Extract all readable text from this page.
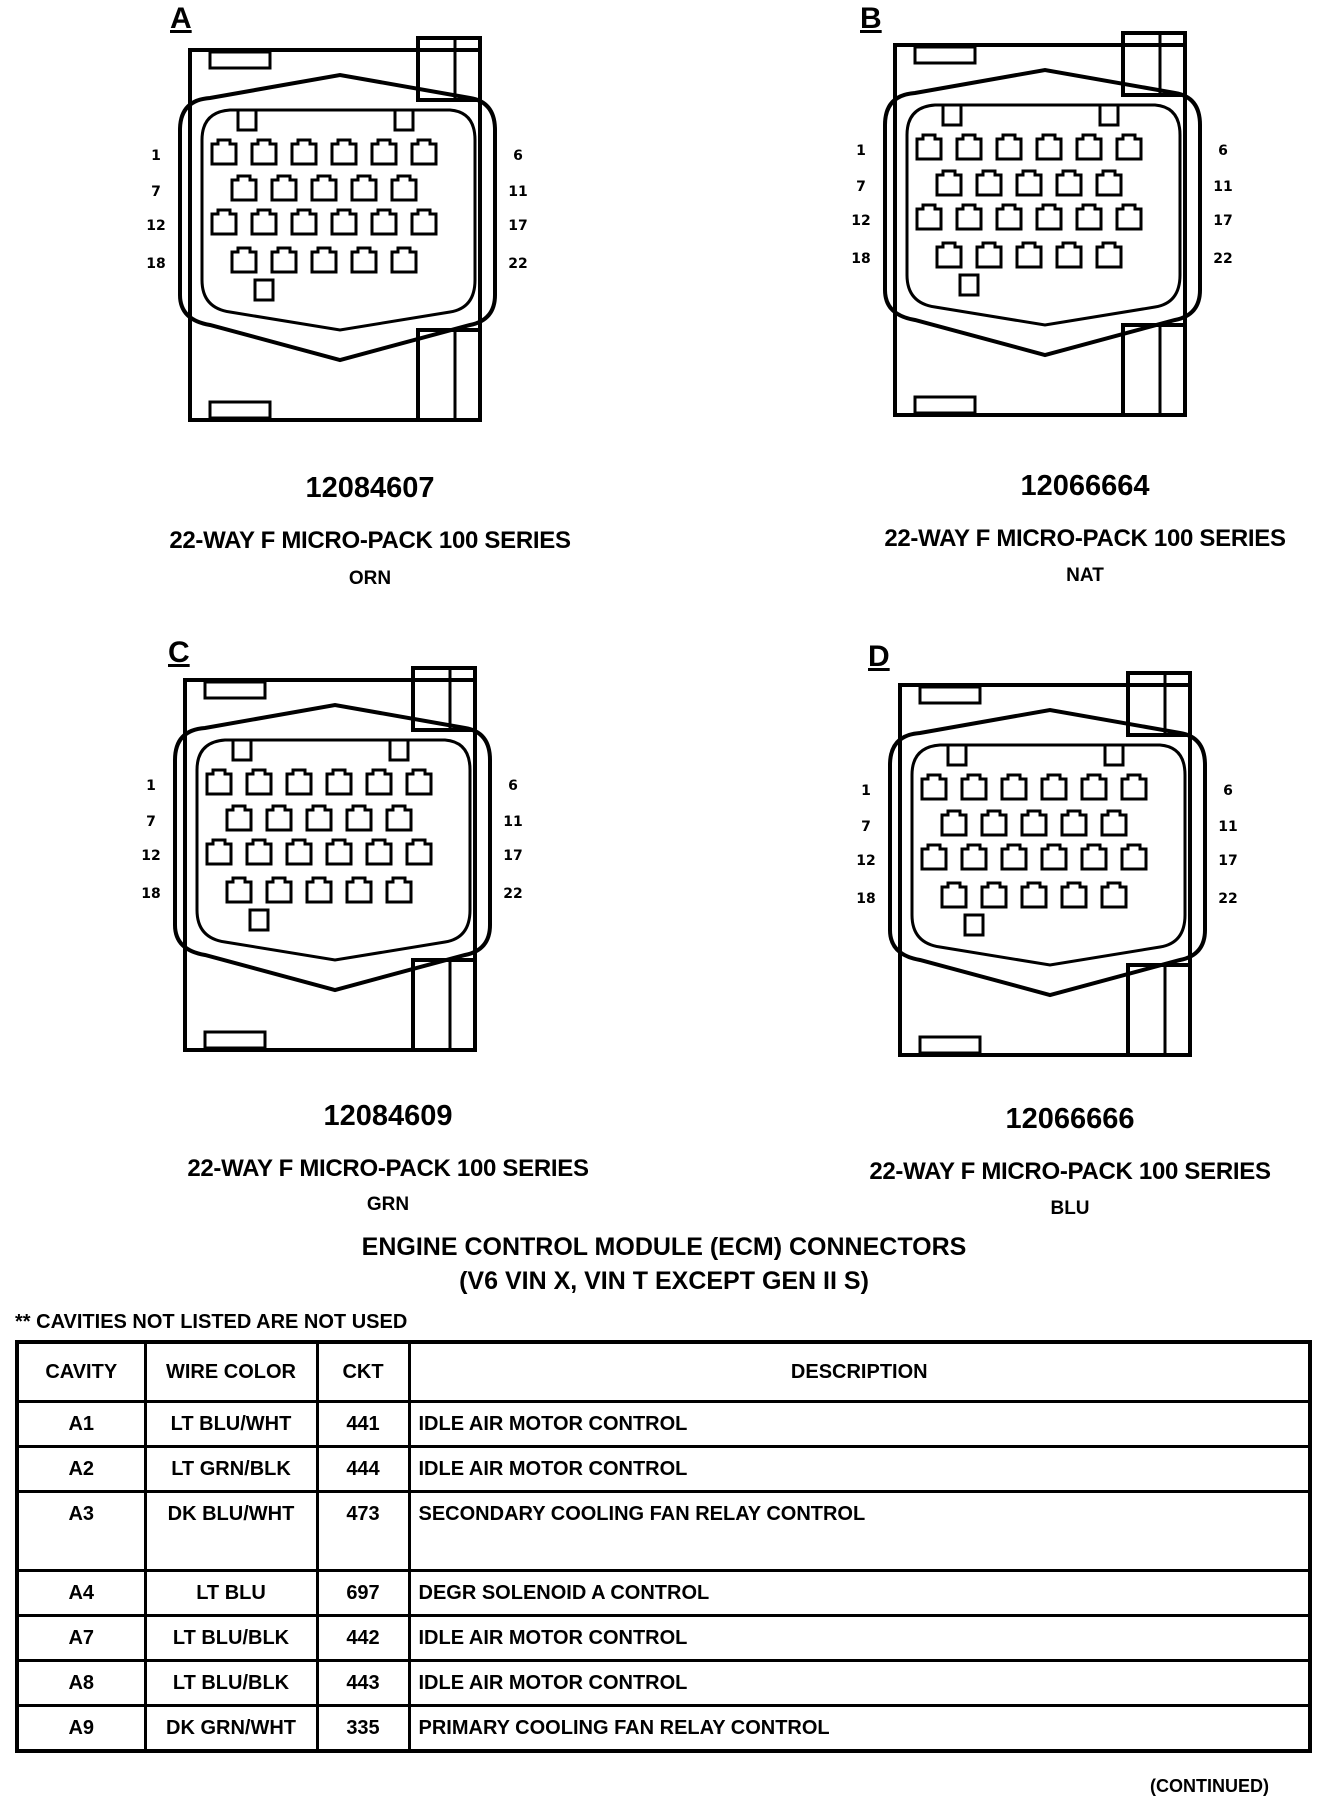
A
1
7
12
18
6
11
17
22
12084607
22-WAY F MICRO-PACK 100 SERIES
ORN
B
1
7
12
18
6
11
17
22
12066664
22-WAY F MICRO-PACK 100 SERIES
NAT
C
1
7
12
18
6
11
17
22
12084609
22-WAY F MICRO-PACK 100 SERIES
GRN
D
1
7
12
18
6
11
17
22
12066666
22-WAY F MICRO-PACK 100 SERIES
BLU
ENGINE CONTROL MODULE (ECM) CONNECTORS
(V6 VIN X, VIN T EXCEPT GEN II S)
** CAVITIES NOT LISTED ARE NOT USED
CAVITY	WIRE COLOR	CKT	DESCRIPTION
A1	LT BLU/WHT	441	IDLE AIR MOTOR CONTROL
A2	LT GRN/BLK	444	IDLE AIR MOTOR CONTROL
A3	DK BLU/WHT	473	SECONDARY COOLING FAN RELAY CONTROL
A4	LT BLU	697	DEGR SOLENOID A CONTROL
A7	LT BLU/BLK	442	IDLE AIR MOTOR CONTROL
A8	LT BLU/BLK	443	IDLE AIR MOTOR CONTROL
A9	DK GRN/WHT	335	PRIMARY COOLING FAN RELAY CONTROL
(CONTINUED)
